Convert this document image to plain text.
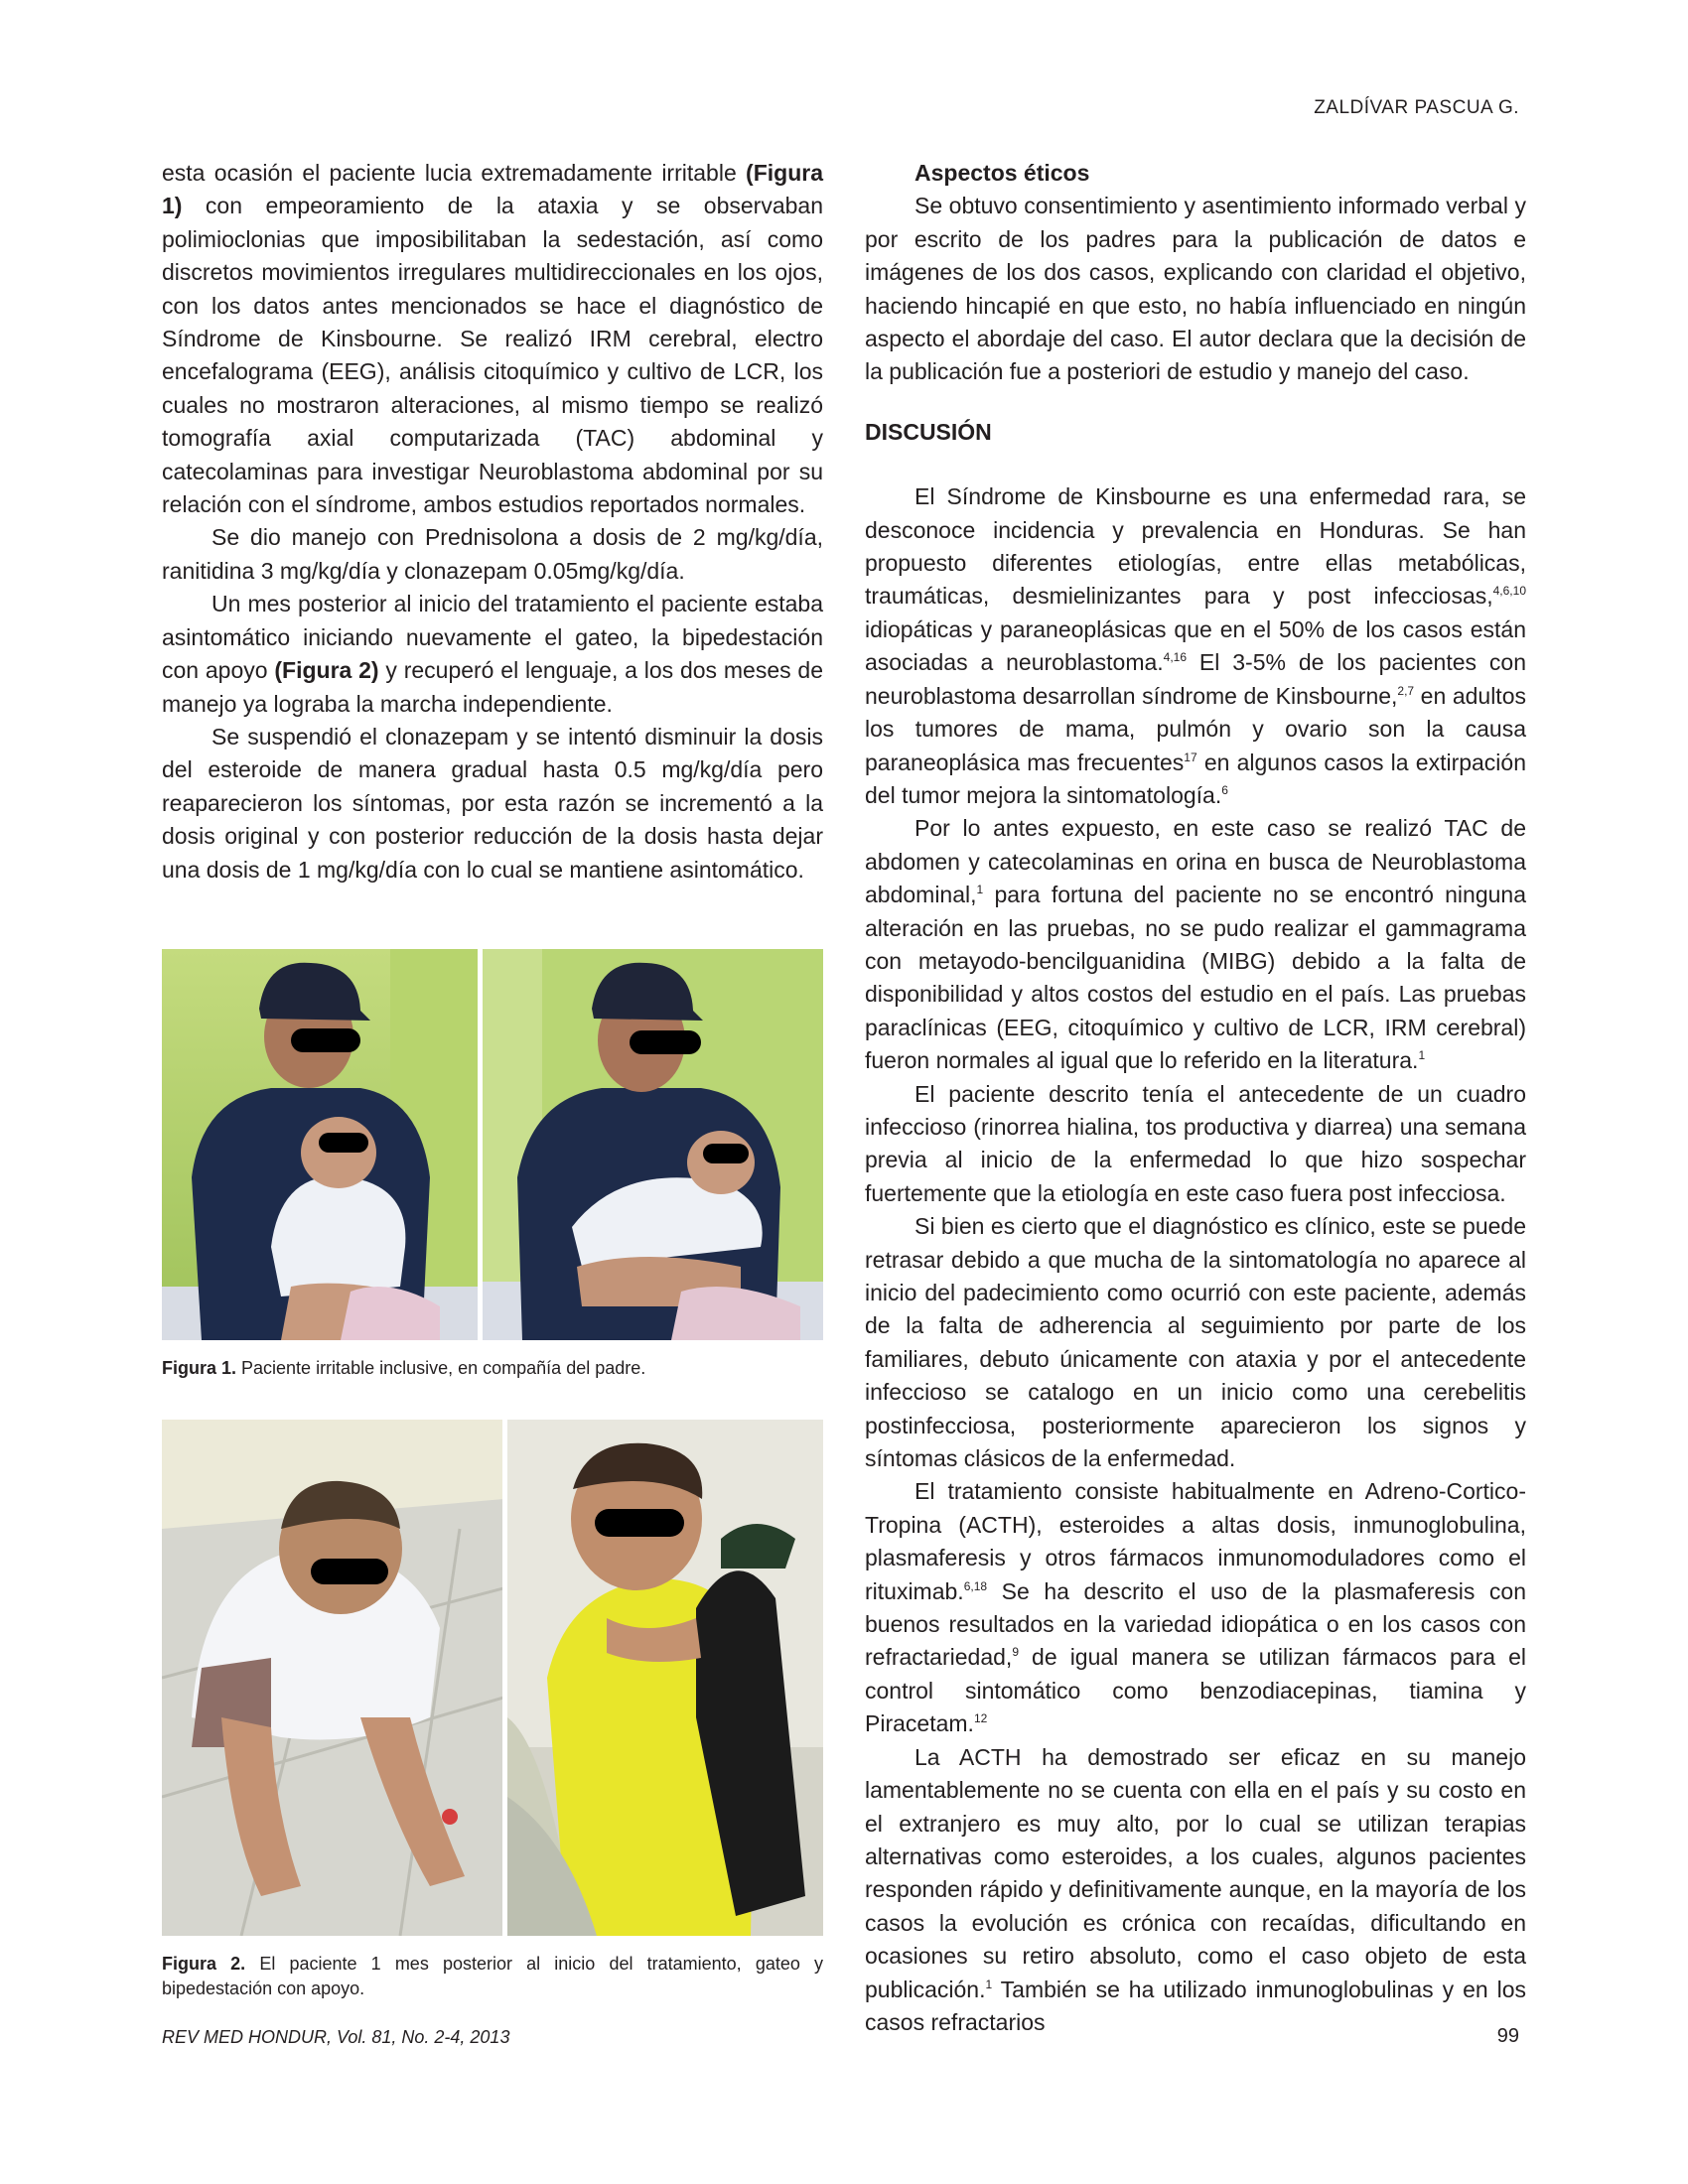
ZALDÍVAR PASCUA G.

esta ocasión el paciente lucia extremadamente irritable (Figura 1) con empeoramiento de la ataxia y se observaban polimioclonias que imposibilitaban la sedestación, así como discretos movimientos irregulares multidireccionales en los ojos, con los datos antes mencionados se hace el diagnóstico de Síndrome de Kinsbourne. Se realizó IRM cerebral, electro encefalograma (EEG), análisis citoquímico y cultivo de LCR, los cuales no mostraron alteraciones, al mismo tiempo se realizó tomografía axial computarizada (TAC) abdominal y catecolaminas para investigar Neuroblastoma abdominal por su relación con el síndrome, ambos estudios reportados normales.

Se dio manejo con Prednisolona a dosis de 2 mg/kg/día, ranitidina 3 mg/kg/día y clonazepam 0.05mg/kg/día.

Un mes posterior al inicio del tratamiento el paciente estaba asintomático iniciando nuevamente el gateo, la bipedestación con apoyo (Figura 2) y recuperó el lenguaje, a los dos meses de manejo ya lograba la marcha independiente.

Se suspendió el clonazepam y se intentó disminuir la dosis del esteroide de manera gradual hasta 0.5 mg/kg/día pero reaparecieron los síntomas, por esta razón se incrementó a la dosis original y con posterior reducción de la dosis hasta dejar una dosis de 1 mg/kg/día con lo cual se mantiene asintomático.

Figura 1. Paciente irritable inclusive, en compañía del padre.
Figura 2. El paciente 1 mes posterior al inicio del tratamiento, gateo y bipedestación con apoyo.

Aspectos éticos

Se obtuvo consentimiento y asentimiento informado verbal y por escrito de los padres para la publicación de datos e imágenes de los dos casos, explicando con claridad el objetivo, haciendo hincapié en que esto, no había influenciado en ningún aspecto el abordaje del caso. El autor declara que la decisión de la publicación fue a posteriori de estudio y manejo del caso.

DISCUSIÓN

El Síndrome de Kinsbourne es una enfermedad rara, se desconoce incidencia y prevalencia en Honduras. Se han propuesto diferentes etiologías, entre ellas metabólicas, traumáticas, desmielinizantes para y post infecciosas,$^{4,6,10}$ idiopáticas y paraneoplásicas que en el 50% de los casos están asociadas a neuroblastoma.$^{4,16}$ El 3-5% de los pacientes con neuroblastoma desarrollan síndrome de Kinsbourne,$^{2,7}$ en adultos los tumores de mama, pulmón y ovario son la causa paraneoplásica mas frecuentes$^{17}$ en algunos casos la extirpación del tumor mejora la sintomatología.$^6$

Por lo antes expuesto, en este caso se realizó TAC de abdomen y catecolaminas en orina en busca de Neuroblastoma abdominal,$^1$ para fortuna del paciente no se encontró ninguna alteración en las pruebas, no se pudo realizar el gammagrama con metayodo-bencilguanidina (MIBG) debido a la falta de disponibilidad y altos costos del estudio en el país. Las pruebas paraclínicas (EEG, citoquímico y cultivo de LCR, IRM cerebral) fueron normales al igual que lo referido en la literatura.$^1$

El paciente descrito tenía el antecedente de un cuadro infeccioso (rinorrea hialina, tos productiva y diarrea) una semana previa al inicio de la enfermedad lo que hizo sospechar fuertemente que la etiología en este caso fuera post infecciosa.

Si bien es cierto que el diagnóstico es clínico, este se puede retrasar debido a que mucha de la sintomatología no aparece al inicio del padecimiento como ocurrió con este paciente, además de la falta de adherencia al seguimiento por parte de los familiares, debuto únicamente con ataxia y por el antecedente infeccioso se catalogo en un inicio como una cerebelitis postinfecciosa, posteriormente aparecieron los signos y síntomas clásicos de la enfermedad.

El tratamiento consiste habitualmente en Adreno-Cortico-Tropina (ACTH), esteroides a altas dosis, inmunoglobulina, plasmaferesis y otros fármacos inmunomoduladores como el rituximab.$^{6,18}$ Se ha descrito el uso de la plasmaferesis con buenos resultados en la variedad idiopática o en los casos con refractariedad,$^9$ de igual manera se utilizan fármacos para el control sintomático como benzodiacepinas, tiamina y Piracetam.$^{12}$

La ACTH ha demostrado ser eficaz en su manejo lamentablemente no se cuenta con ella en el país y su costo en el extranjero es muy alto, por lo cual se utilizan terapias alternativas como esteroides, a los cuales, algunos pacientes responden rápido y definitivamente aunque, en la mayoría de los casos la evolución es crónica con recaídas, dificultando en ocasiones su retiro absoluto, como el caso objeto de esta publicación.$^1$ También se ha utilizado inmunoglobulinas y en los casos refractarios

REV MED HONDUR, Vol. 81, No. 2-4, 2013	99
